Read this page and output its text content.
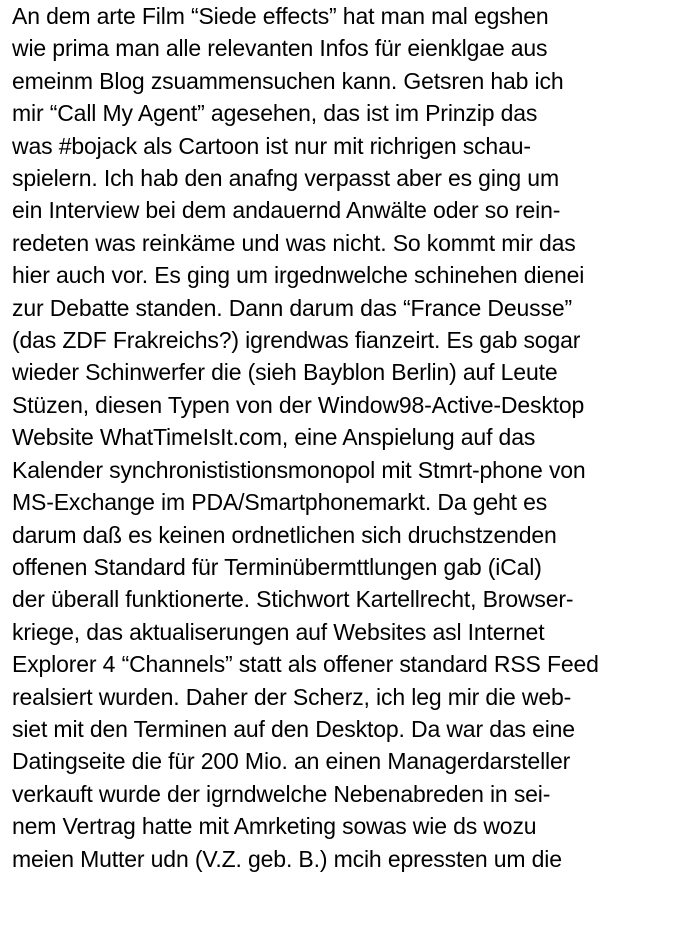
An dem arte Film “Siede effects” hat man mal egshen
wie prima man alle relevanten Infos für eienklgae aus
emeinm Blog zsuammensuchen kann. Getsren hab ich
mir “Call My Agent” agesehen, das ist im Prinzip das
was #bojack als Cartoon ist nur mit richrigen schau-
spielern. Ich hab den anafng verpasst aber es ging um
ein Interview bei dem andauernd Anwälte oder so rein-
redeten was reinkäme und was nicht. So kommt mir das
hier auch vor. Es ging um irgednwelche schinehen dienei
zur Debatte standen. Dann darum das “France Deusse”
(das ZDF Frakreichs?) igrendwas fianzeirt. Es gab sogar
wieder Schinwerfer die (sieh Bayblon Berlin) auf Leute
Stüzen, diesen Typen von der Window98-Active-Desktop
Website WhatTimeIsIt.com, eine Anspielung auf das
Kalender synchronististionsmonopol mit Stmrt-phone von
MS-Exchange im PDA/Smartphonemarkt. Da geht es
darum daß es keinen ordnetlichen sich druchstzenden
offenen Standard für Terminübermttlungen gab (iCal)
der überall funktionerte. Stichwort Kartellrecht, Browser-
kriege, das aktualiserungen auf Websites asl Internet
Explorer 4 “Channels” statt als offener standard RSS Feed
realsiert wurden. Daher der Scherz, ich leg mir die web-
siet mit den Terminen auf den Desktop. Da war das eine
Datingseite die für 200 Mio. an einen Managerdarsteller
verkauft wurde der igrndwelche Nebenabreden in sei-
nem Vertrag hatte mit Amrketing sowas wie ds wozu
meien Mutter udn (V.Z. geb. B.) mcih epressten um die
